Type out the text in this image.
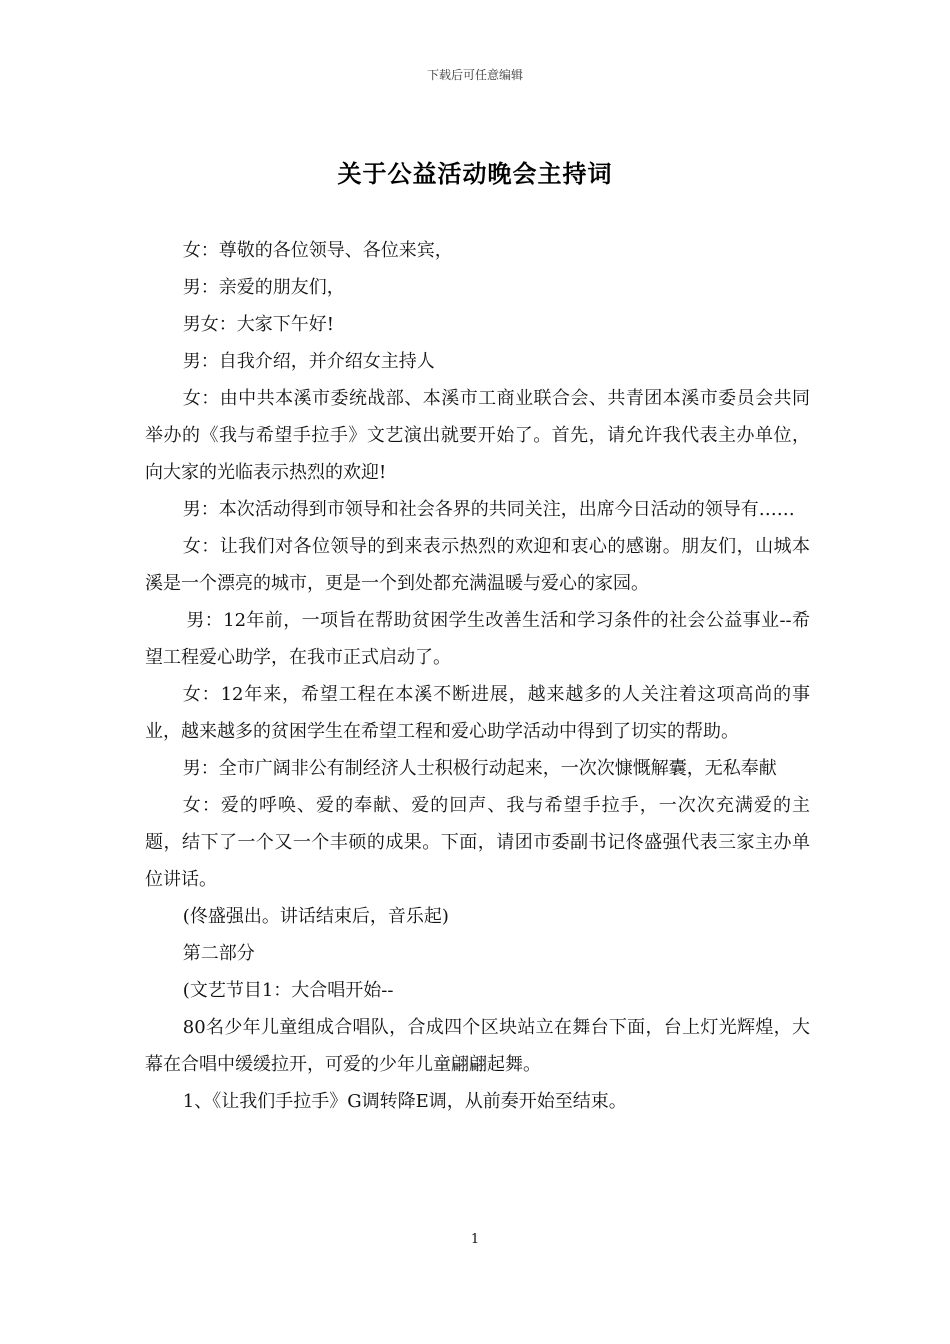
下载后可任意编辑
关于公益活动晚会主持词

女：尊敬的各位领导、各位来宾，

男：亲爱的朋友们，

男女：大家下午好!

男：自我介绍，并介绍女主持人

女：由中共本溪市委统战部、本溪市工商业联合会、共青团本溪市委员会共同举办的《我与希望手拉手》文艺演出就要开始了。首先，请允许我代表主办单位，向大家的光临表示热烈的欢迎!

男：本次活动得到市领导和社会各界的共同关注，出席今日活动的领导有……

女：让我们对各位领导的到来表示热烈的欢迎和衷心的感谢。朋友们，山城本溪是一个漂亮的城市，更是一个到处都充满温暖与爱心的家园。

男：12年前，一项旨在帮助贫困学生改善生活和学习条件的社会公益事业--希望工程爱心助学，在我市正式启动了。

女：12年来，希望工程在本溪不断进展，越来越多的人关注着这项高尚的事业，越来越多的贫困学生在希望工程和爱心助学活动中得到了切实的帮助。

男：全市广阔非公有制经济人士积极行动起来，一次次慷慨解囊，无私奉献

女：爱的呼唤、爱的奉献、爱的回声、我与希望手拉手，一次次充满爱的主题，结下了一个又一个丰硕的成果。下面，请团市委副书记佟盛强代表三家主办单位讲话。

(佟盛强出。讲话结束后，音乐起)

第二部分

(文艺节目1：大合唱开始--

80名少年儿童组成合唱队，合成四个区块站立在舞台下面，台上灯光辉煌，大幕在合唱中缓缓拉开，可爱的少年儿童翩翩起舞。

1、《让我们手拉手》G调转降E调，从前奏开始至结束。

1
